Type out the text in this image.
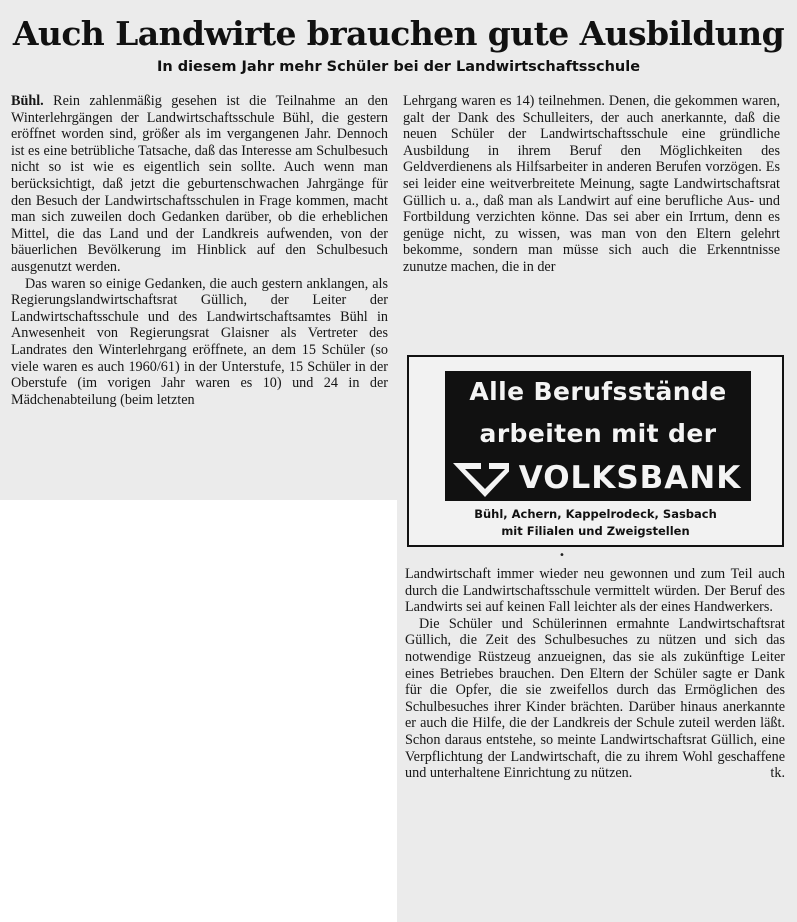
Auch Landwirte brauchen gute Ausbildung
In diesem Jahr mehr Schüler bei der Landwirtschaftsschule

Bühl. Rein zahlenmäßig gesehen ist die Teilnahme an den Winterlehrgängen der Landwirtschaftsschule Bühl, die gestern eröffnet worden sind, größer als im vergangenen Jahr. Dennoch ist es eine betrübliche Tatsache, daß das Interesse am Schulbesuch nicht so ist wie es eigentlich sein sollte. Auch wenn man berücksichtigt, daß jetzt die geburtenschwachen Jahrgänge für den Besuch der Landwirtschaftsschulen in Frage kommen, macht man sich zuweilen doch Gedanken darüber, ob die erheblichen Mittel, die das Land und der Landkreis aufwenden, von der bäuerlichen Bevölkerung im Hinblick auf den Schulbesuch ausgenutzt werden.

Das waren so einige Gedanken, die auch gestern anklangen, als Regierungslandwirtschaftsrat Güllich, der Leiter der Landwirtschaftsschule und des Landwirtschaftsamtes Bühl in Anwesenheit von Regierungsrat Glaisner als Vertreter des Landrates den Winterlehrgang eröffnete, an dem 15 Schüler (so viele waren es auch 1960/61) in der Unterstufe, 15 Schüler in der Oberstufe (im vorigen Jahr waren es 10) und 24 in der Mädchenabteilung (beim letzten

Lehrgang waren es 14) teilnehmen. Denen, die gekommen waren, galt der Dank des Schulleiters, der auch anerkannte, daß die neuen Schüler der Landwirtschaftsschule eine gründliche Ausbildung in ihrem Beruf den Möglichkeiten des Geldverdienens als Hilfsarbeiter in anderen Berufen vorzögen. Es sei leider eine weitverbreitete Meinung, sagte Landwirtschaftsrat Güllich u. a., daß man als Landwirt auf eine berufliche Aus- und Fortbildung verzichten könne. Das sei aber ein Irrtum, denn es genüge nicht, zu wissen, was man von den Eltern gelehrt bekomme, sondern man müsse sich auch die Erkenntnisse zunutze machen, die in der

Alle Berufsstände
arbeiten mit der
VOLKSBANK
Bühl, Achern, Kappelrodeck, Sasbach
mit Filialen und Zweigstellen
•

Landwirtschaft immer wieder neu gewonnen und zum Teil auch durch die Landwirtschaftsschule vermittelt würden. Der Beruf des Landwirts sei auf keinen Fall leichter als der eines Handwerkers.

Die Schüler und Schülerinnen ermahnte Landwirtschaftsrat Güllich, die Zeit des Schulbesuches zu nützen und sich das notwendige Rüstzeug anzueignen, das sie als zukünftige Leiter eines Betriebes brauchen. Den Eltern der Schüler sagte er Dank für die Opfer, die sie zweifellos durch das Ermöglichen des Schulbesuches ihrer Kinder brächten. Darüber hinaus anerkannte er auch die Hilfe, die der Landkreis der Schule zuteil werden läßt. Schon daraus entstehe, so meinte Landwirtschaftsrat Güllich, eine Verpflichtung der Landwirtschaft, die zu ihrem Wohl geschaffene und unterhaltene Einrichtung zu nützen.	tk.
